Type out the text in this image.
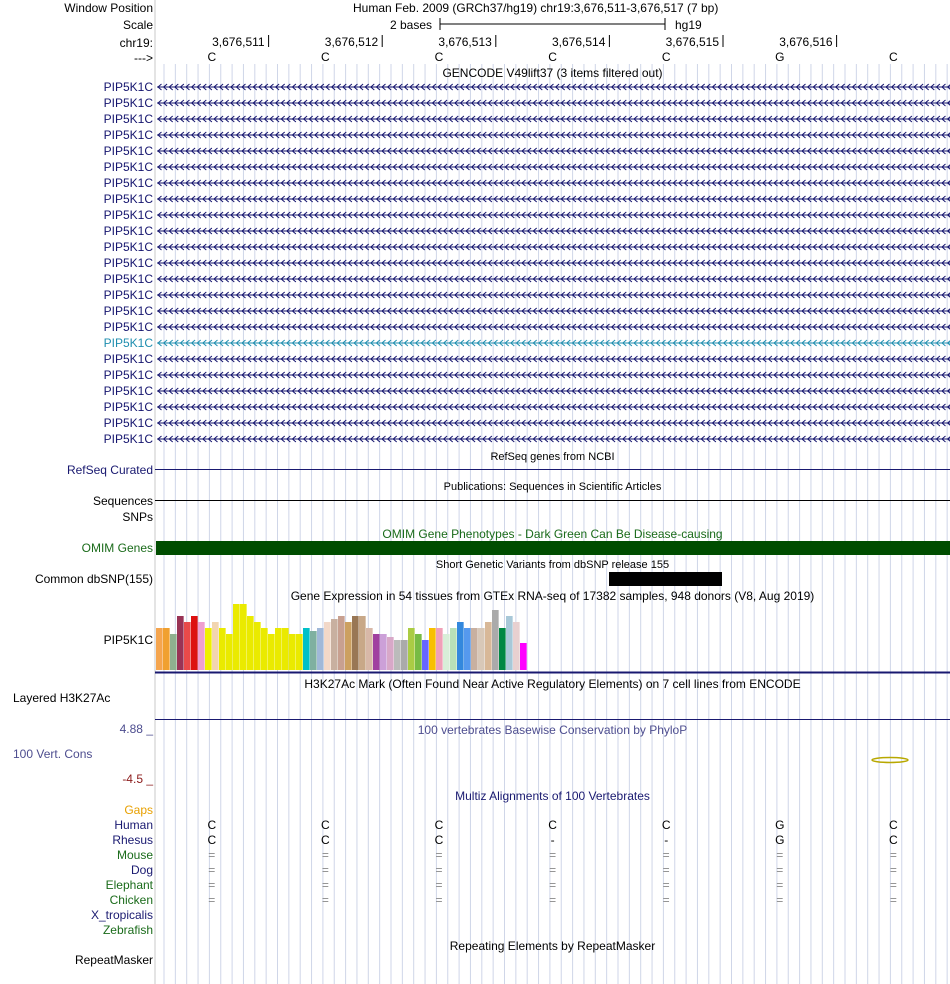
Window Position	Human Feb. 2009 (GRCh37/hg19) chr19:3,676,511-3,676,517 (7 bp)
Scale	2 bases	hg19
chr19:
--->
3,676,511	3,676,512	3,676,513	3,676,514	3,676,515	3,676,516
C	C	C	C	C	G	C
GENCODE V49lift37 (3 items filtered out)
PIP5K1C
PIP5K1C
PIP5K1C
PIP5K1C
PIP5K1C
PIP5K1C
PIP5K1C
PIP5K1C
PIP5K1C
PIP5K1C
PIP5K1C
PIP5K1C
PIP5K1C
PIP5K1C
PIP5K1C
PIP5K1C
PIP5K1C
PIP5K1C
PIP5K1C
PIP5K1C
PIP5K1C
PIP5K1C
PIP5K1C
RefSeq genes from NCBI
RefSeq Curated
Publications: Sequences in Scientific Articles
Sequences
SNPs
OMIM Gene Phenotypes - Dark Green Can Be Disease-causing
OMIM Genes
Short Genetic Variants from dbSNP release 155
Common dbSNP(155)
Gene Expression in 54 tissues from GTEx RNA-seq of 17382 samples, 948 donors (V8, Aug 2019)
PIP5K1C
H3K27Ac Mark (Often Found Near Active Regulatory Elements) on 7 cell lines from ENCODE
Layered H3K27Ac
4.88 _	100 vertebrates Basewise Conservation by PhyloP
100 Vert. Cons
-4.5 _
Multiz Alignments of 100 Vertebrates
Gaps
Human	C	C	C	C	C	G	C
Rhesus	C	C	C	-	-	G	C
Mouse	=	=	=	=	=	=	=
Dog	=	=	=	=	=	=	=
Elephant	=	=	=	=	=	=	=
Chicken	=	=	=	=	=	=	=
X_tropicalis
Zebrafish
Repeating Elements by RepeatMasker
RepeatMasker
